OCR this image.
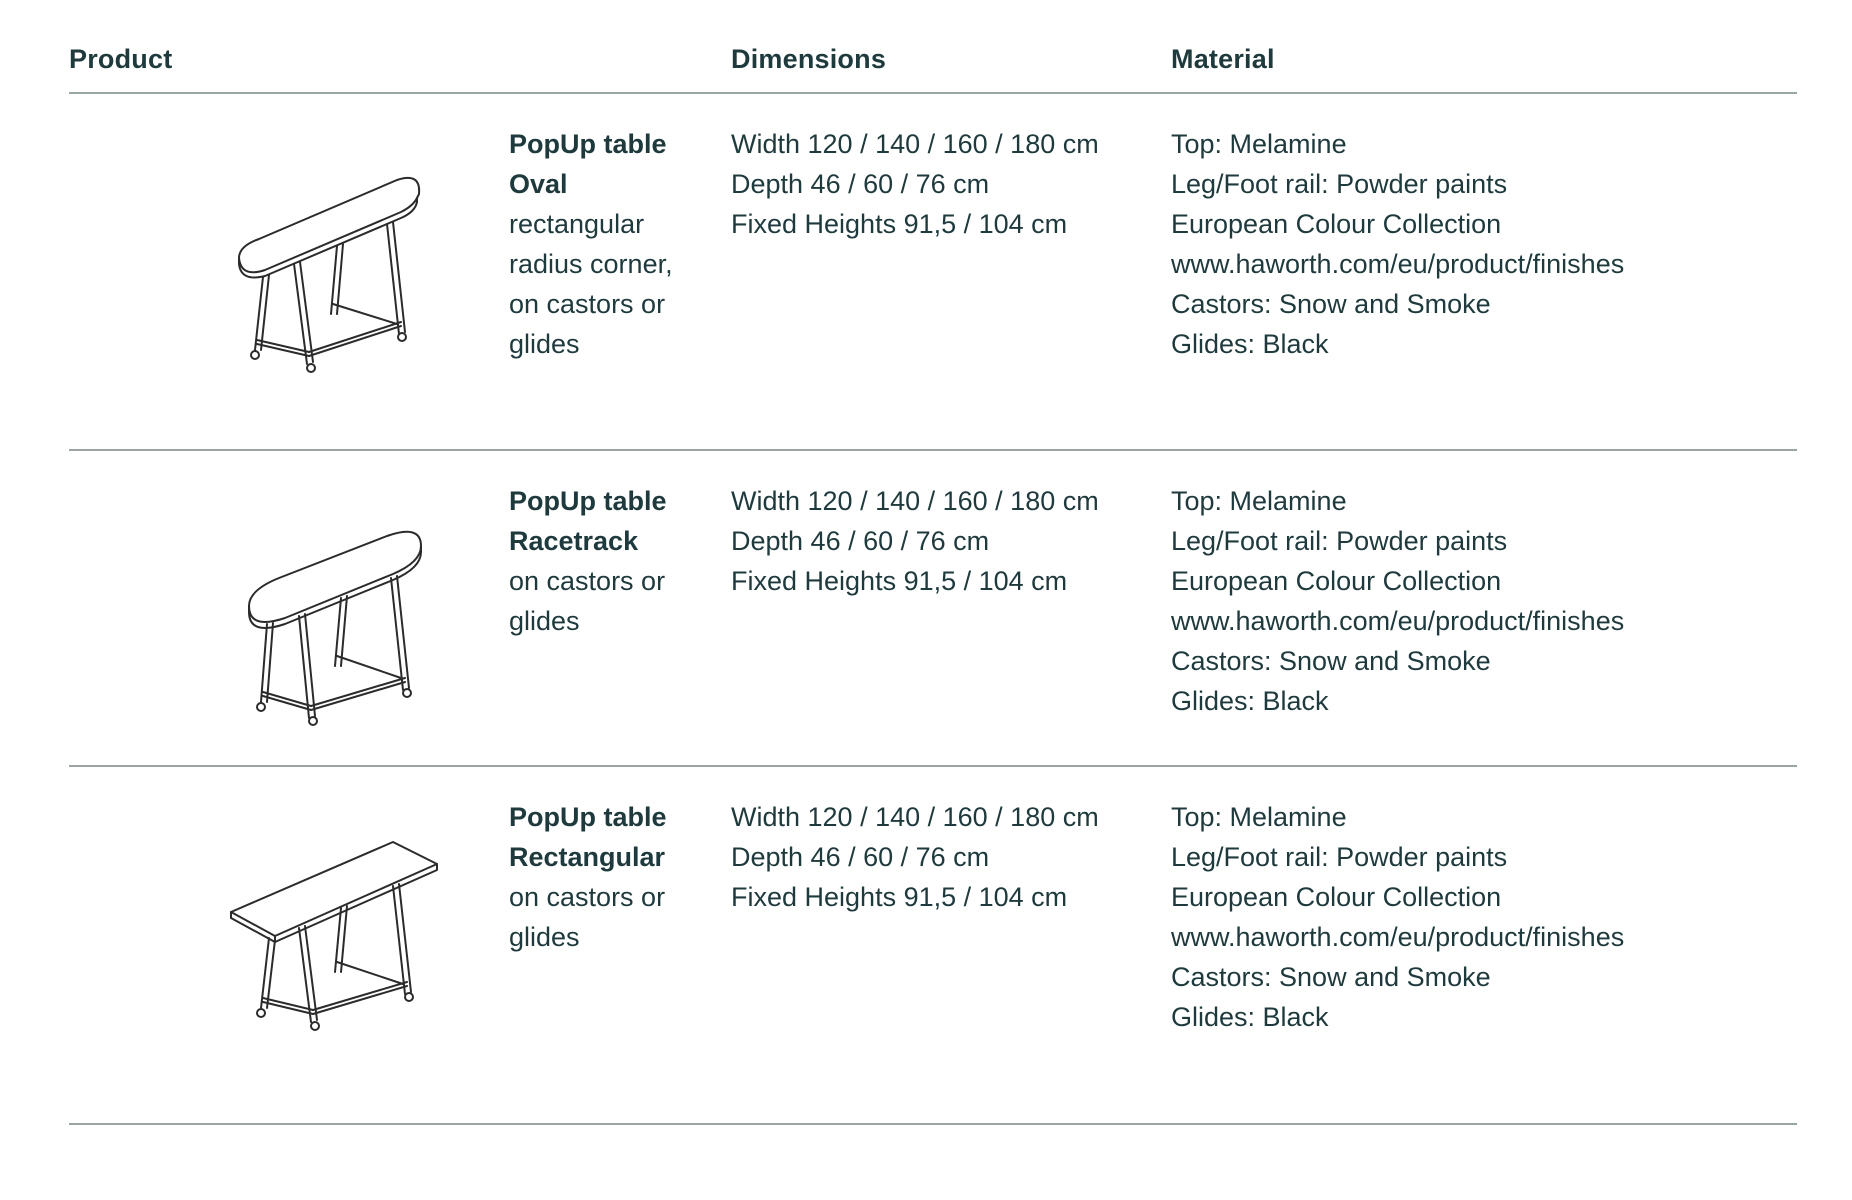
Product	Dimensions	Material
PopUp table
Oval
rectangular
radius corner,
on castors or
glides
Width 120 / 140 / 160 / 180 cm
Depth 46 / 60 / 76 cm
Fixed Heights 91,5 / 104 cm
Top: Melamine
Leg/Foot rail: Powder paints
European Colour Collection
www.haworth.com/eu/product/finishes
Castors: Snow and Smoke
Glides: Black
PopUp table
Racetrack
on castors or
glides
Width 120 / 140 / 160 / 180 cm
Depth 46 / 60 / 76 cm
Fixed Heights 91,5 / 104 cm
Top: Melamine
Leg/Foot rail: Powder paints
European Colour Collection
www.haworth.com/eu/product/finishes
Castors: Snow and Smoke
Glides: Black
PopUp table
Rectangular
on castors or
glides
Width 120 / 140 / 160 / 180 cm
Depth 46 / 60 / 76 cm
Fixed Heights 91,5 / 104 cm
Top: Melamine
Leg/Foot rail: Powder paints
European Colour Collection
www.haworth.com/eu/product/finishes
Castors: Snow and Smoke
Glides: Black
